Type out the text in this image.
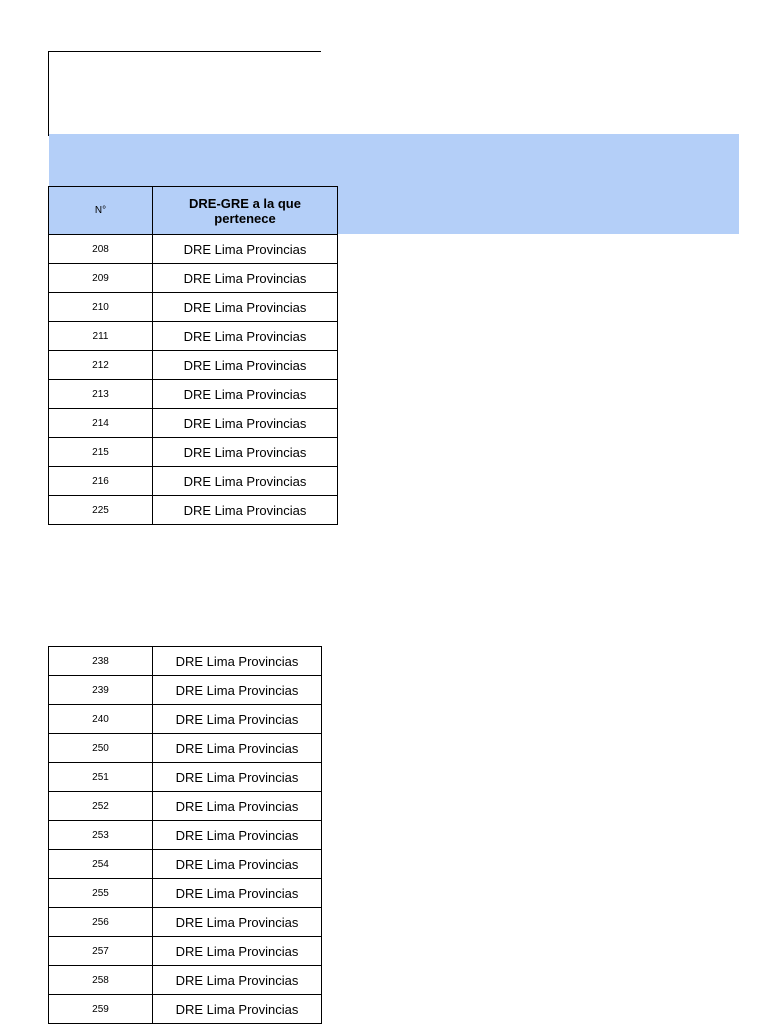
N°	DRE-GRE a la que pertenece
208	DRE Lima Provincias
209	DRE Lima Provincias
210	DRE Lima Provincias
211	DRE Lima Provincias
212	DRE Lima Provincias
213	DRE Lima Provincias
214	DRE Lima Provincias
215	DRE Lima Provincias
216	DRE Lima Provincias
225	DRE Lima Provincias
238	DRE Lima Provincias
239	DRE Lima Provincias
240	DRE Lima Provincias
250	DRE Lima Provincias
251	DRE Lima Provincias
252	DRE Lima Provincias
253	DRE Lima Provincias
254	DRE Lima Provincias
255	DRE Lima Provincias
256	DRE Lima Provincias
257	DRE Lima Provincias
258	DRE Lima Provincias
259	DRE Lima Provincias
